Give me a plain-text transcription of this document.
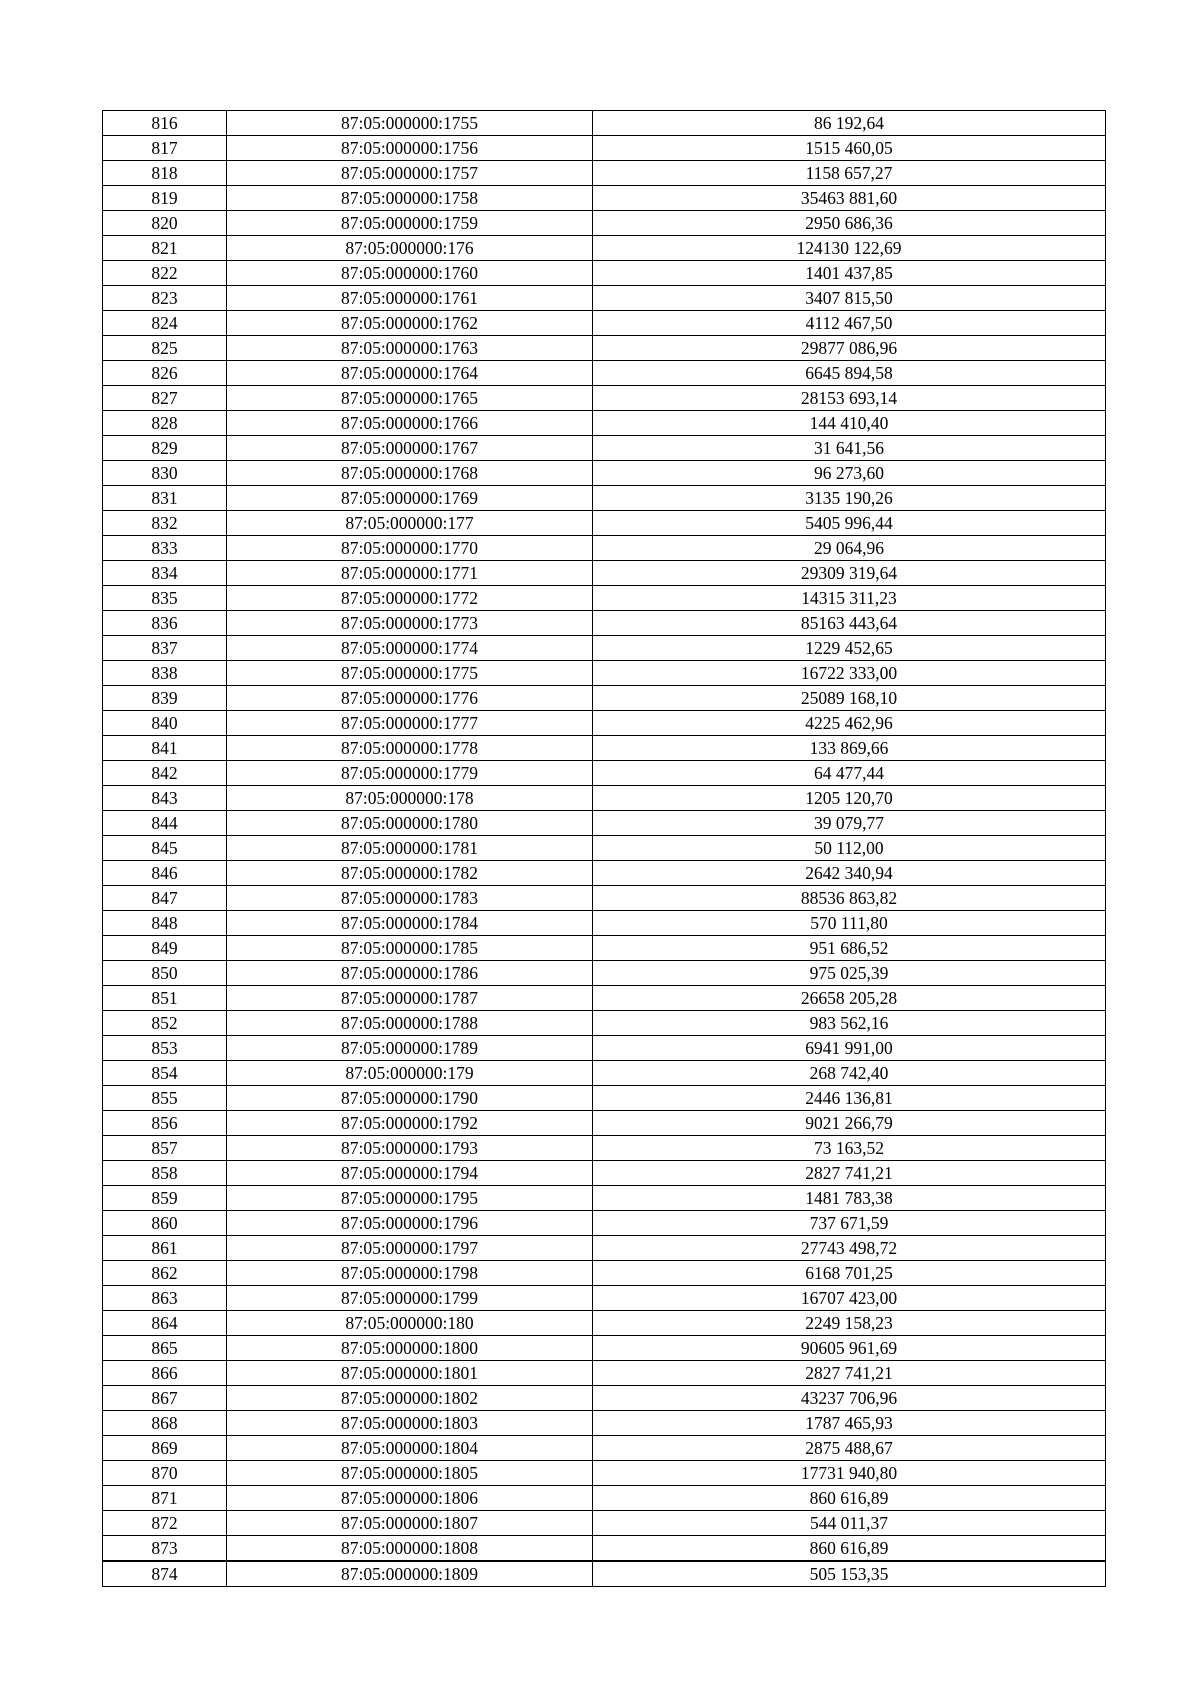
816	87:05:000000:1755	86 192,64
817	87:05:000000:1756	1515 460,05
818	87:05:000000:1757	1158 657,27
819	87:05:000000:1758	35463 881,60
820	87:05:000000:1759	2950 686,36
821	87:05:000000:176	124130 122,69
822	87:05:000000:1760	1401 437,85
823	87:05:000000:1761	3407 815,50
824	87:05:000000:1762	4112 467,50
825	87:05:000000:1763	29877 086,96
826	87:05:000000:1764	6645 894,58
827	87:05:000000:1765	28153 693,14
828	87:05:000000:1766	144 410,40
829	87:05:000000:1767	31 641,56
830	87:05:000000:1768	96 273,60
831	87:05:000000:1769	3135 190,26
832	87:05:000000:177	5405 996,44
833	87:05:000000:1770	29 064,96
834	87:05:000000:1771	29309 319,64
835	87:05:000000:1772	14315 311,23
836	87:05:000000:1773	85163 443,64
837	87:05:000000:1774	1229 452,65
838	87:05:000000:1775	16722 333,00
839	87:05:000000:1776	25089 168,10
840	87:05:000000:1777	4225 462,96
841	87:05:000000:1778	133 869,66
842	87:05:000000:1779	64 477,44
843	87:05:000000:178	1205 120,70
844	87:05:000000:1780	39 079,77
845	87:05:000000:1781	50 112,00
846	87:05:000000:1782	2642 340,94
847	87:05:000000:1783	88536 863,82
848	87:05:000000:1784	570 111,80
849	87:05:000000:1785	951 686,52
850	87:05:000000:1786	975 025,39
851	87:05:000000:1787	26658 205,28
852	87:05:000000:1788	983 562,16
853	87:05:000000:1789	6941 991,00
854	87:05:000000:179	268 742,40
855	87:05:000000:1790	2446 136,81
856	87:05:000000:1792	9021 266,79
857	87:05:000000:1793	73 163,52
858	87:05:000000:1794	2827 741,21
859	87:05:000000:1795	1481 783,38
860	87:05:000000:1796	737 671,59
861	87:05:000000:1797	27743 498,72
862	87:05:000000:1798	6168 701,25
863	87:05:000000:1799	16707 423,00
864	87:05:000000:180	2249 158,23
865	87:05:000000:1800	90605 961,69
866	87:05:000000:1801	2827 741,21
867	87:05:000000:1802	43237 706,96
868	87:05:000000:1803	1787 465,93
869	87:05:000000:1804	2875 488,67
870	87:05:000000:1805	17731 940,80
871	87:05:000000:1806	860 616,89
872	87:05:000000:1807	544 011,37
873	87:05:000000:1808	860 616,89
874	87:05:000000:1809	505 153,35
